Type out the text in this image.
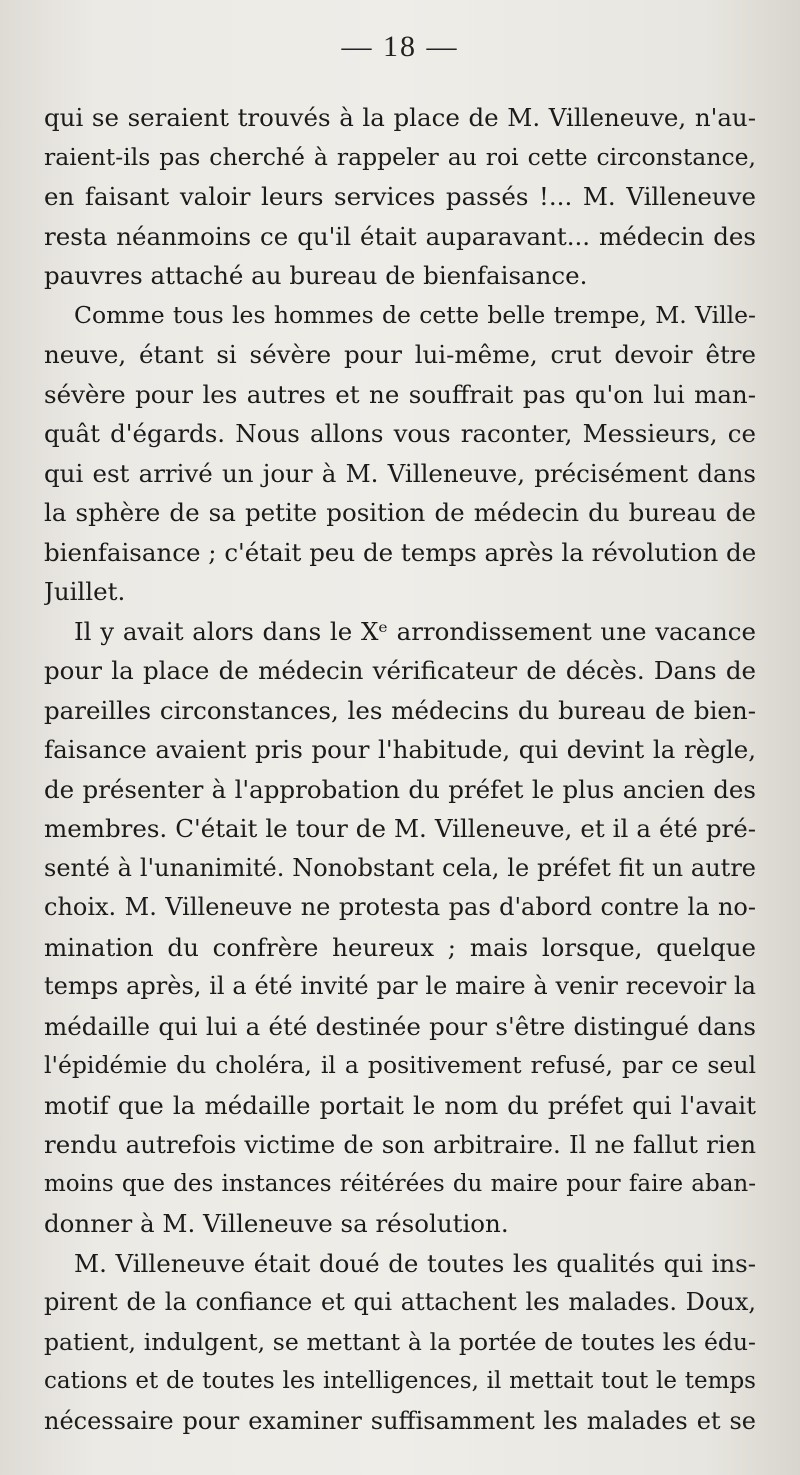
— 18 —
qui se seraient trouvés à la place de M. Villeneuve, n'au-
raient-ils pas cherché à rappeler au roi cette circonstance,
en faisant valoir leurs services passés !... M. Villeneuve
resta néanmoins ce qu'il était auparavant... médecin des
pauvres attaché au bureau de bienfaisance.
Comme tous les hommes de cette belle trempe, M. Ville-
neuve, étant si sévère pour lui-même, crut devoir être
sévère pour les autres et ne souffrait pas qu'on lui man-
quât d'égards. Nous allons vous raconter, Messieurs, ce
qui est arrivé un jour à M. Villeneuve, précisément dans
la sphère de sa petite position de médecin du bureau de
bienfaisance ; c'était peu de temps après la révolution de
Juillet.
Il y avait alors dans le Xᵉ arrondissement une vacance
pour la place de médecin vérificateur de décès. Dans de
pareilles circonstances, les médecins du bureau de bien-
faisance avaient pris pour l'habitude, qui devint la règle,
de présenter à l'approbation du préfet le plus ancien des
membres. C'était le tour de M. Villeneuve, et il a été pré-
senté à l'unanimité. Nonobstant cela, le préfet fit un autre
choix. M. Villeneuve ne protesta pas d'abord contre la no-
mination du confrère heureux ; mais lorsque, quelque
temps après, il a été invité par le maire à venir recevoir la
médaille qui lui a été destinée pour s'être distingué dans
l'épidémie du choléra, il a positivement refusé, par ce seul
motif que la médaille portait le nom du préfet qui l'avait
rendu autrefois victime de son arbitraire. Il ne fallut rien
moins que des instances réitérées du maire pour faire aban-
donner à M. Villeneuve sa résolution.
M. Villeneuve était doué de toutes les qualités qui ins-
pirent de la confiance et qui attachent les malades. Doux,
patient, indulgent, se mettant à la portée de toutes les édu-
cations et de toutes les intelligences, il mettait tout le temps
nécessaire pour examiner suffisamment les malades et se
